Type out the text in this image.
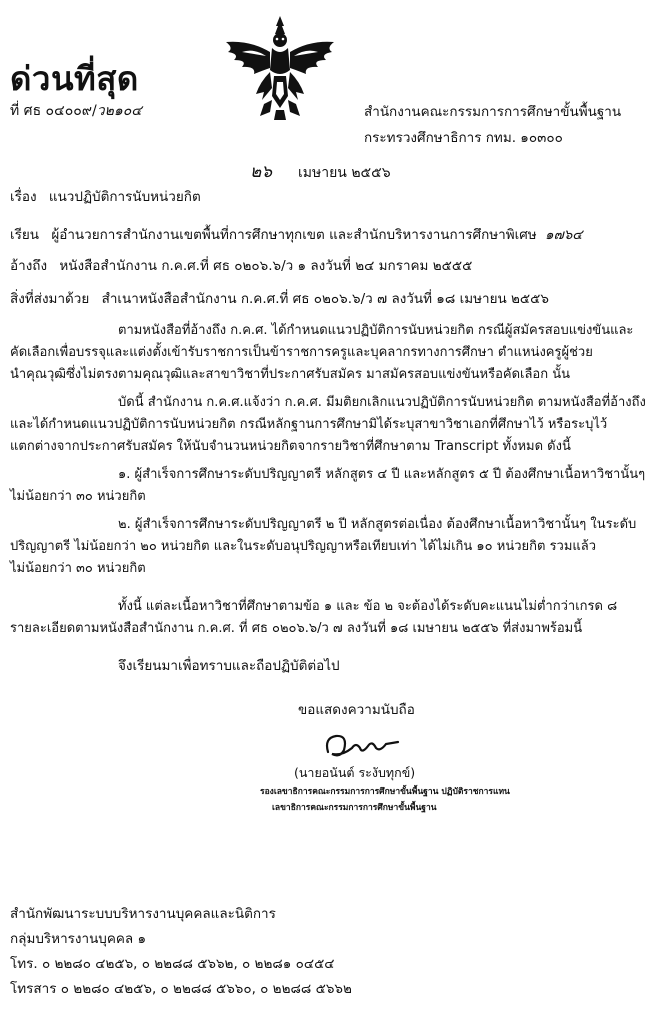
ด่วนที่สุด
ที่ ศธ ๐๔๐๐๙/ว๒๑๐๔	สำนักงานคณะกรรมการการศึกษาขั้นพื้นฐาน
กระทรวงศึกษาธิการ กทม. ๑๐๓๐๐
๒๖ เมษายน ๒๕๕๖
เรื่อง แนวปฏิบัติการนับหน่วยกิต
เรียน ผู้อำนวยการสำนักงานเขตพื้นที่การศึกษาทุกเขต และสำนักบริหารงานการศึกษาพิเศษ ๑๗๖๔
อ้างถึง หนังสือสำนักงาน ก.ค.ศ.ที่ ศธ ๐๒๐๖.๖/ว ๑ ลงวันที่ ๒๔ มกราคม ๒๕๕๕
สิ่งที่ส่งมาด้วย สำเนาหนังสือสำนักงาน ก.ค.ศ.ที่ ศธ ๐๒๐๖.๖/ว ๗ ลงวันที่ ๑๘ เมษายน ๒๕๕๖
ตามหนังสือที่อ้างถึง ก.ค.ศ. ได้กำหนดแนวปฏิบัติการนับหน่วยกิต กรณีผู้สมัครสอบแข่งขันและ
คัดเลือกเพื่อบรรจุและแต่งตั้งเข้ารับราชการเป็นข้าราชการครูและบุคลากรทางการศึกษา ตำแหน่งครูผู้ช่วย
นำคุณวุฒิซึ่งไม่ตรงตามคุณวุฒิและสาขาวิชาที่ประกาศรับสมัคร มาสมัครสอบแข่งขันหรือคัดเลือก นั้น
บัดนี้ สำนักงาน ก.ค.ศ.แจ้งว่า ก.ค.ศ. มีมติยกเลิกแนวปฏิบัติการนับหน่วยกิต ตามหนังสือที่อ้างถึง
และได้กำหนดแนวปฏิบัติการนับหน่วยกิต กรณีหลักฐานการศึกษามิได้ระบุสาขาวิชาเอกที่ศึกษาไว้ หรือระบุไว้
แตกต่างจากประกาศรับสมัคร ให้นับจำนวนหน่วยกิตจากรายวิชาที่ศึกษาตาม Transcript ทั้งหมด ดังนี้
๑. ผู้สำเร็จการศึกษาระดับปริญญาตรี หลักสูตร ๔ ปี และหลักสูตร ๕ ปี ต้องศึกษาเนื้อหาวิชานั้นๆ
ไม่น้อยกว่า ๓๐ หน่วยกิต
๒. ผู้สำเร็จการศึกษาระดับปริญญาตรี ๒ ปี หลักสูตรต่อเนื่อง ต้องศึกษาเนื้อหาวิชานั้นๆ ในระดับ
ปริญญาตรี ไม่น้อยกว่า ๒๐ หน่วยกิต และในระดับอนุปริญญาหรือเทียบเท่า ได้ไม่เกิน ๑๐ หน่วยกิต รวมแล้ว
ไม่น้อยกว่า ๓๐ หน่วยกิต
ทั้งนี้ แต่ละเนื้อหาวิชาที่ศึกษาตามข้อ ๑ และ ข้อ ๒ จะต้องได้ระดับคะแนนไม่ต่ำกว่าเกรด ๘
รายละเอียดตามหนังสือสำนักงาน ก.ค.ศ. ที่ ศธ ๐๒๐๖.๖/ว ๗ ลงวันที่ ๑๘ เมษายน ๒๕๕๖ ที่ส่งมาพร้อมนี้
จึงเรียนมาเพื่อทราบและถือปฏิบัติต่อไป
ขอแสดงความนับถือ
(นายอนันต์ ระงับทุกข์)
รองเลขาธิการคณะกรรมการการศึกษาขั้นพื้นฐาน ปฏิบัติราชการแทน
เลขาธิการคณะกรรมการการศึกษาขั้นพื้นฐาน
สำนักพัฒนาระบบบริหารงานบุคคลและนิติการ
กลุ่มบริหารงานบุคคล ๑
โทร. ๐ ๒๒๘๐ ๔๒๕๖, ๐ ๒๒๘๘ ๕๖๖๒, ๐ ๒๒๘๑ ๐๔๕๔
โทรสาร ๐ ๒๒๘๐ ๔๒๕๖, ๐ ๒๒๘๘ ๕๖๖๐, ๐ ๒๒๘๘ ๕๖๖๒
